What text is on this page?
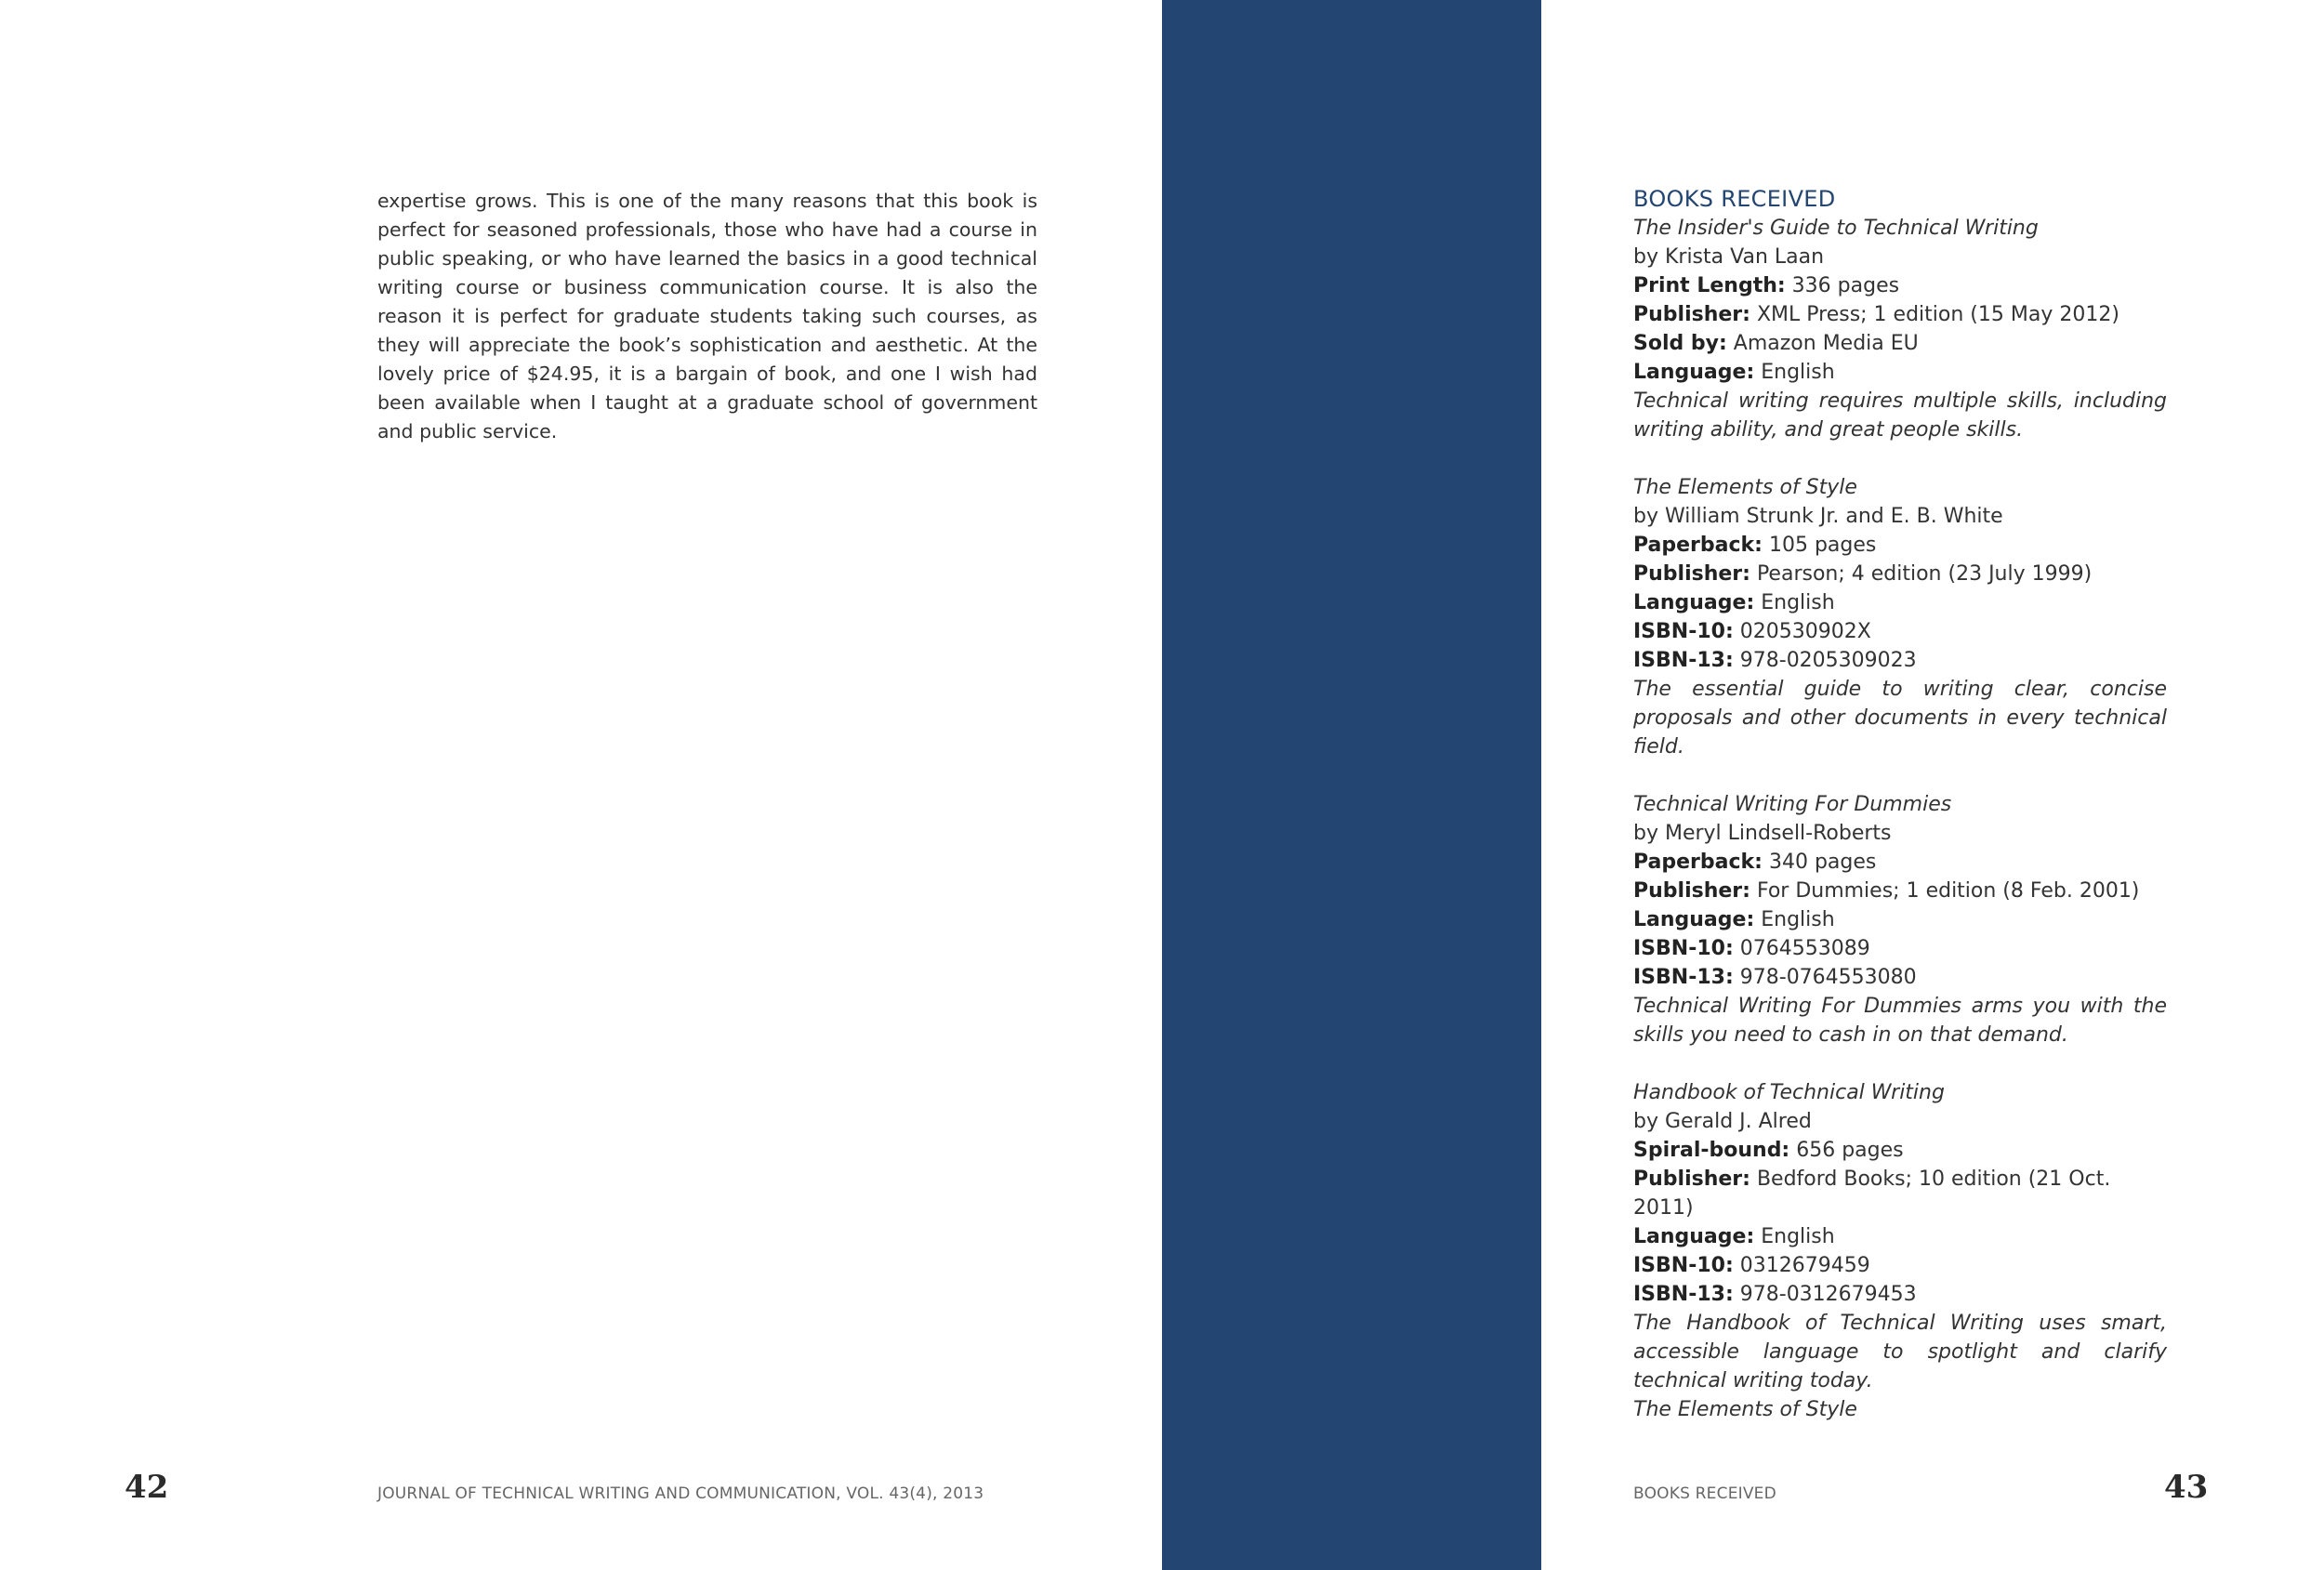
expertise grows. This is one of the many reasons that this book is perfect for seasoned professionals, those who have had a course in public speaking, or who have learned the basics in a good technical writing course or business communication course. It is also the reason it is perfect for graduate students taking such courses, as they will appreciate the book’s sophistication and aesthetic. At the lovely price of $24.95, it is a bargain of book, and one I wish had been available when I taught at a graduate school of government and public service.

42	JOURNAL OF TECHNICAL WRITING AND COMMUNICATION, VOL. 43(4), 2013

BOOKS RECEIVED

The Insider's Guide to Technical Writing

by Krista Van Laan

Print Length: 336 pages

Publisher: XML Press; 1 edition (15 May 2012)

Sold by: Amazon Media EU

Language: English

Technical writing requires multiple skills, including writing ability, and great people skills.

The Elements of Style

by William Strunk Jr. and E. B. White

Paperback: 105 pages

Publisher: Pearson; 4 edition (23 July 1999)

Language: English

ISBN-10: 020530902X

ISBN-13: 978-0205309023

The essential guide to writing clear, concise proposals and other documents in every technical field.

Technical Writing For Dummies

by Meryl Lindsell-Roberts

Paperback: 340 pages

Publisher: For Dummies; 1 edition (8 Feb. 2001)

Language: English

ISBN-10: 0764553089

ISBN-13: 978-0764553080

Technical Writing For Dummies arms you with the skills you need to cash in on that demand.

Handbook of Technical Writing

by Gerald J. Alred

Spiral-bound: 656 pages

Publisher: Bedford Books; 10 edition (21 Oct. 2011)

Language: English

ISBN-10: 0312679459

ISBN-13: 978-0312679453

The Handbook of Technical Writing uses smart, accessible language to spotlight and clarify technical writing today.

The Elements of Style

43

BOOKS RECEIVED
